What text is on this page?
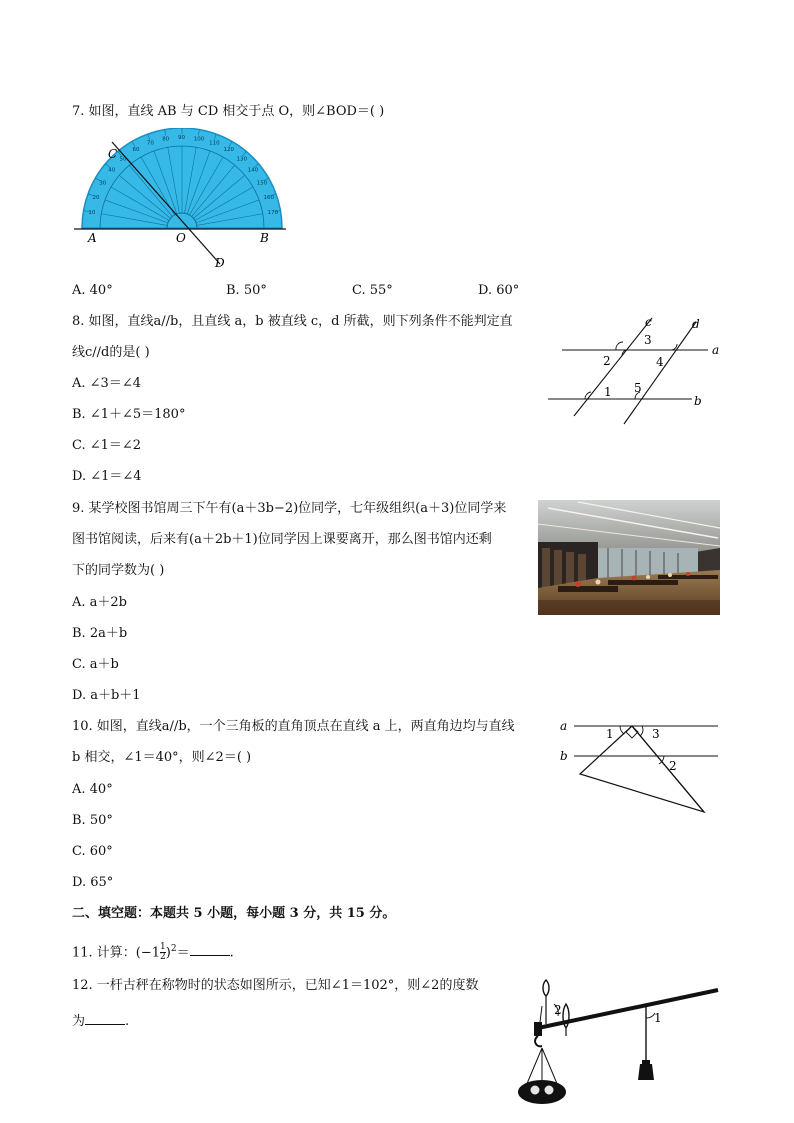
7. 如图，直线 AB 与 CD 相交于点 O，则∠BOD＝( )
10
20
30
40
50
60
70
80 90 100
110
120
130
140
150
160
170
C
A	O	B
D
A. 40°	B. 50°	C. 55°	D. 60°
8. 如图，直线a//b，且直线 a，b 被直线 c，d 所截，则下列条件不能判定直
线c//d的是( )
A. ∠3＝∠4
B. ∠1＋∠5＝180°
C. ∠1＝∠2
D. ∠1＝∠4
c	d
a
b
1
2
3
4
5
9. 某学校图书馆周三下午有(a＋3b−2)位同学，七年级组织(a＋3)位同学来
图书馆阅读，后来有(a＋2b＋1)位同学因上课要离开，那么图书馆内还剩
下的同学数为( )
A. a＋2b
B. 2a＋b
C. a＋b
D. a＋b＋1
10. 如图，直线a//b，一个三角板的直角顶点在直线 a 上，两直角边均与直线
b 相交，∠1＝40°，则∠2＝( )
A. 40°
B. 50°
C. 60°
D. 65°
a
b
1	3
2
二、填空题：本题共 5 小题，每小题 3 分，共 15 分。
11. 计算：$(-1 \frac{1}{2} )^2=$	.
12. 一杆古秤在称物时的状态如图所示，已知∠1＝102°，则∠2的度数
为	.
2
1
